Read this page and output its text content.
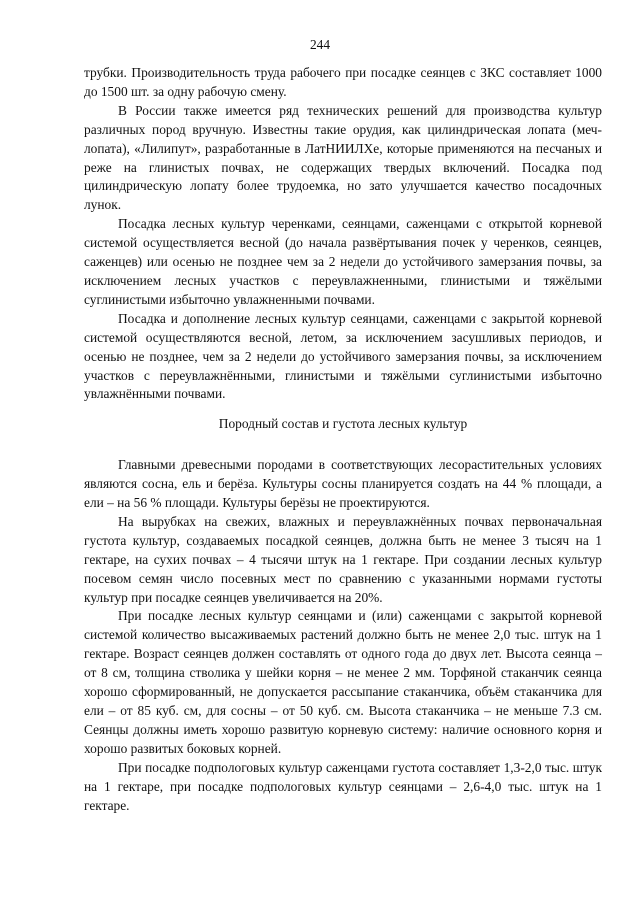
244

трубки. Производительность труда рабочего при посадке сеянцев с ЗКС составляет 1000 до 1500 шт. за одну рабочую смену.

В России также имеется ряд технических решений для производства культур различных пород вручную. Известны такие орудия, как цилиндрическая лопата (меч-лопата), «Лилипут», разработанные в ЛатНИИЛХе, которые применяются на песчаных и реже на глинистых почвах, не содержащих твердых включений. Посадка под цилиндрическую лопату более трудоемка, но зато улучшается качество посадочных лунок.

Посадка лесных культур черенками, сеянцами, саженцами с открытой корневой системой осуществляется весной (до начала развёртывания почек у черенков, сеянцев, саженцев) или осенью не позднее чем за 2 недели до устойчивого замерзания почвы, за исключением лесных участков с переувлажненными, глинистыми и тяжёлыми суглинистыми избыточно увлажненными почвами.

Посадка и дополнение лесных культур сеянцами, саженцами с закрытой корневой системой осуществляются весной, летом, за исключением засушливых периодов, и осенью не позднее, чем за 2 недели до устойчивого замерзания почвы, за исключением участков с переувлажнёнными, глинистыми и тяжёлыми суглинистыми избыточно увлажнёнными почвами.

Породный состав и густота лесных культур

Главными древесными породами в соответствующих лесорастительных условиях являются сосна, ель и берёза. Культуры сосны планируется создать на 44 % площади, а ели – на 56 % площади. Культуры берёзы не проектируются.

На вырубках на свежих, влажных и переувлажнённых почвах первоначальная густота культур, создаваемых посадкой сеянцев, должна быть не менее 3 тысяч на 1 гектаре, на сухих почвах – 4 тысячи штук на 1 гектаре. При создании лесных культур посевом семян число посевных мест по сравнению с указанными нормами густоты культур при посадке сеянцев увеличивается на 20%.

При посадке лесных культур сеянцами и (или) саженцами с закрытой корневой системой количество высаживаемых растений должно быть не менее 2,0 тыс. штук на 1 гектаре. Возраст сеянцев должен составлять от одного года до двух лет. Высота сеянца – от 8 см, толщина стволика у шейки корня – не менее 2 мм. Торфяной стаканчик сеянца хорошо сформированный, не допускается рассыпание стаканчика, объём стаканчика для ели – от 85 куб. см, для сосны – от 50 куб. см. Высота стаканчика – не меньше 7.3 см. Сеянцы должны иметь хорошо развитую корневую систему: наличие основного корня и хорошо развитых боковых корней.

При посадке подпологовых культур саженцами густота составляет 1,3-2,0 тыс. штук на 1 гектаре, при посадке подпологовых культур сеянцами – 2,6-4,0 тыс. штук на 1 гектаре.
